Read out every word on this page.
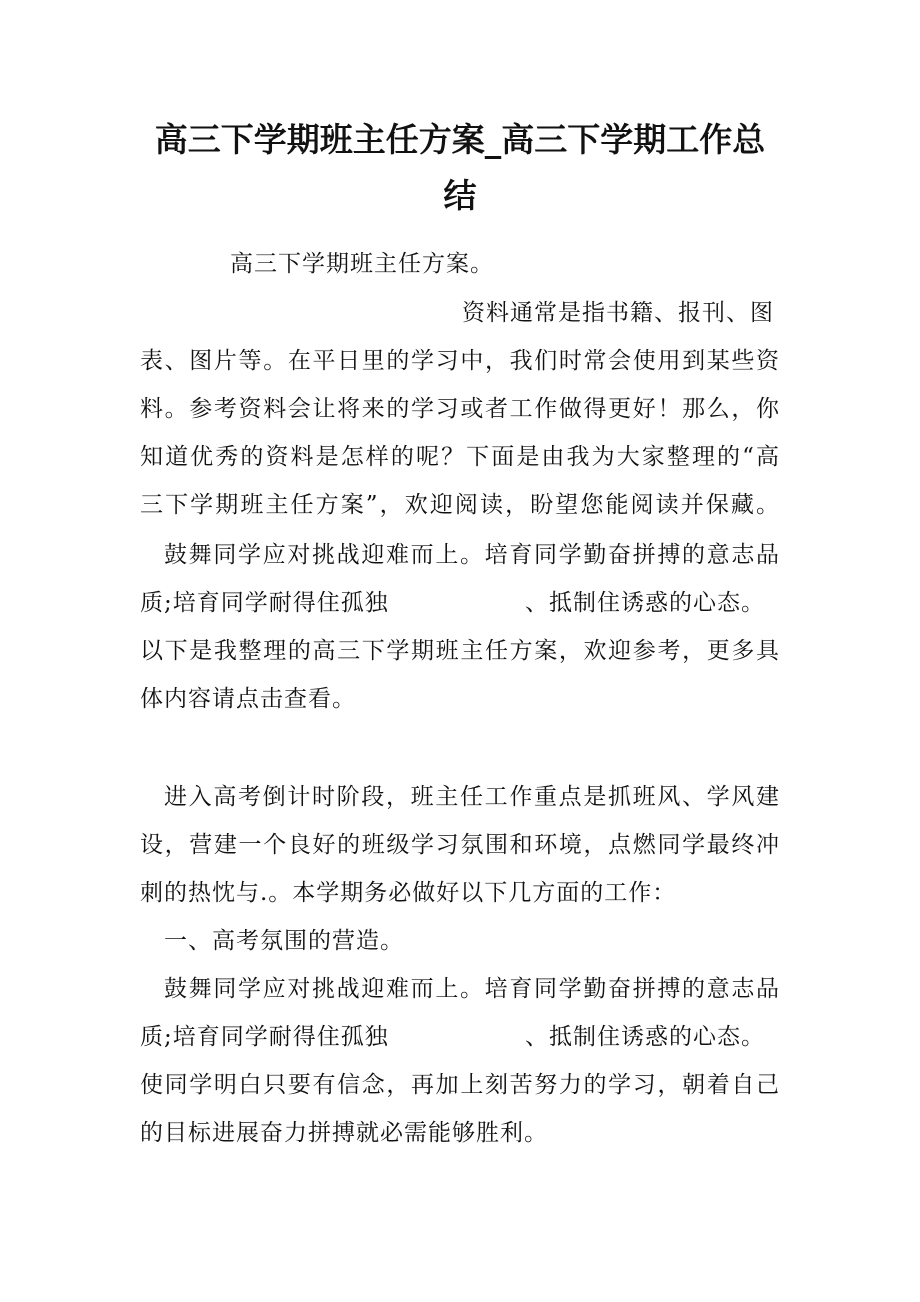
高三下学期班主任方案_高三下学期工作总
结
高三下学期班主任方案。
资料通常是指书籍、报刊、图
表、图片等。在平日里的学习中，我们时常会使用到某些资
料。参考资料会让将来的学习或者工作做得更好！那么，你
知道优秀的资料是怎样的呢？下面是由我为大家整理的“高
三下学期班主任方案”，欢迎阅读，盼望您能阅读并保藏。
鼓舞同学应对挑战迎难而上。培育同学勤奋拼搏的意志品
质;培育同学耐得住孤独	、抵制住诱惑的心态。
以下是我整理的高三下学期班主任方案，欢迎参考，更多具
体内容请点击查看。
进入高考倒计时阶段，班主任工作重点是抓班风、学风建
设，营建一个良好的班级学习氛围和环境，点燃同学最终冲
刺的热忱与.。本学期务必做好以下几方面的工作：
一、高考氛围的营造。
鼓舞同学应对挑战迎难而上。培育同学勤奋拼搏的意志品
质;培育同学耐得住孤独	、抵制住诱惑的心态。
使同学明白只要有信念，再加上刻苦努力的学习，朝着自己
的目标进展奋力拼搏就必需能够胜利。
